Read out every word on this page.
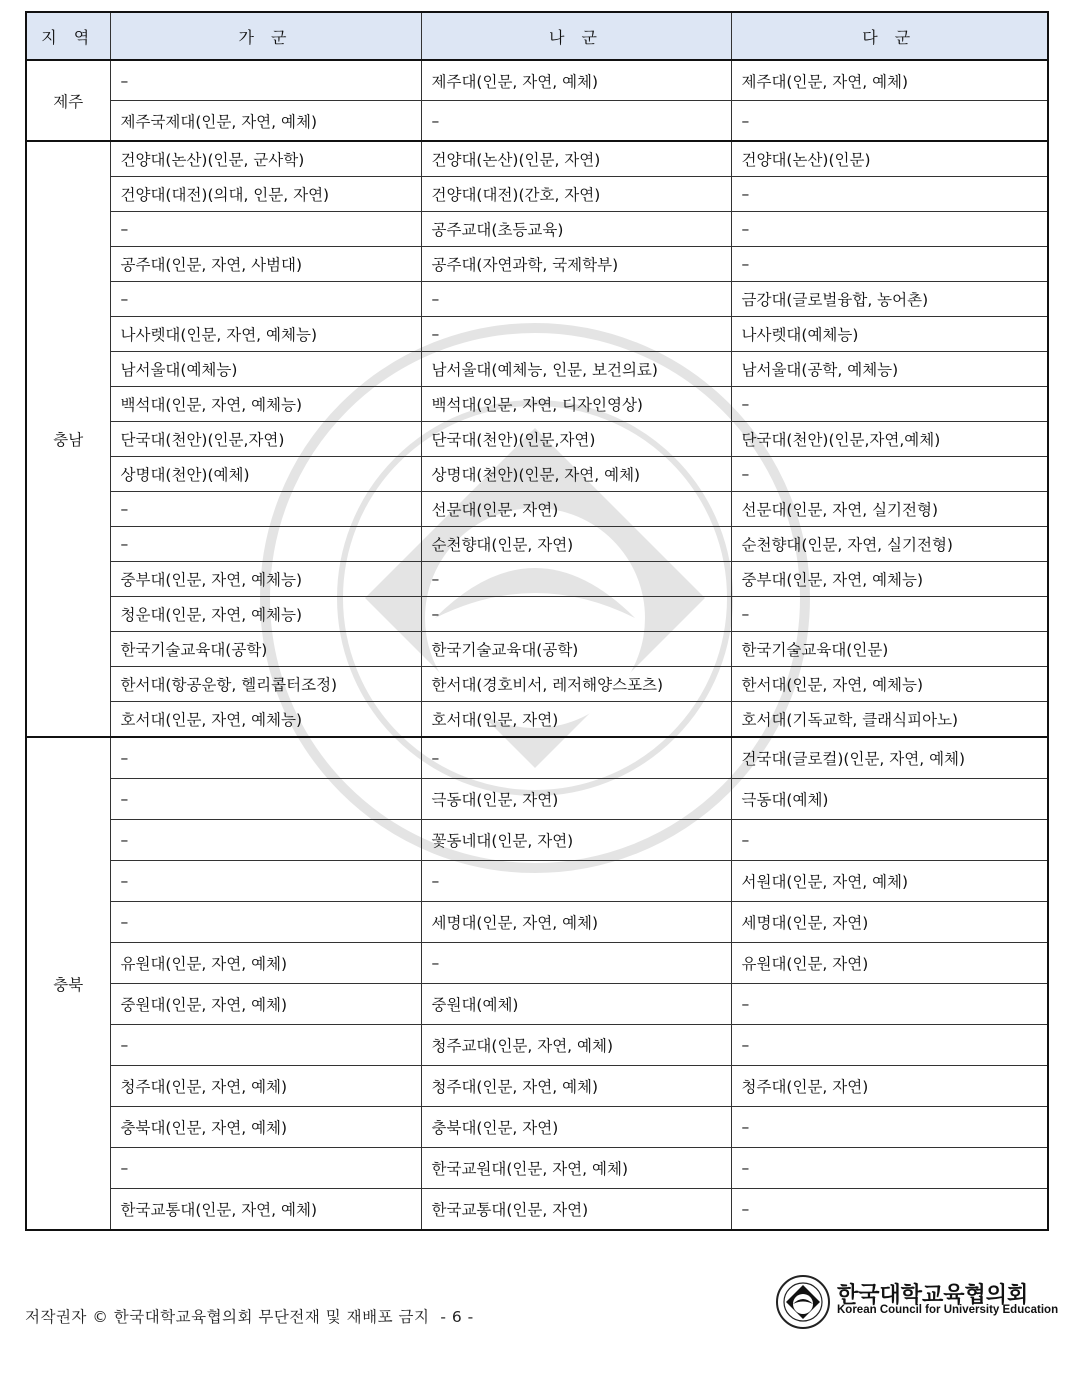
지 역	가 군	나 군	다 군
제주	–	제주대(인문, 자연, 예체)	제주대(인문, 자연, 예체)
	제주국제대(인문, 자연, 예체)	–	–
충남	건양대(논산)(인문, 군사학)	건양대(논산)(인문, 자연)	건양대(논산)(인문)
	건양대(대전)(의대, 인문, 자연)	건양대(대전)(간호, 자연)	–
	–	공주교대(초등교육)	–
	공주대(인문, 자연, 사범대)	공주대(자연과학, 국제학부)	–
	–	–	금강대(글로벌융합, 농어촌)
	나사렛대(인문, 자연, 예체능)	–	나사렛대(예체능)
	남서울대(예체능)	남서울대(예체능, 인문, 보건의료)	남서울대(공학, 예체능)
	백석대(인문, 자연, 예체능)	백석대(인문, 자연, 디자인영상)	–
	단국대(천안)(인문,자연)	단국대(천안)(인문,자연)	단국대(천안)(인문,자연,예체)
	상명대(천안)(예체)	상명대(천안)(인문, 자연, 예체)	–
	–	선문대(인문, 자연)	선문대(인문, 자연, 실기전형)
	–	순천향대(인문, 자연)	순천향대(인문, 자연, 실기전형)
	중부대(인문, 자연, 예체능)	–	중부대(인문, 자연, 예체능)
	청운대(인문, 자연, 예체능)	–	–
	한국기술교육대(공학)	한국기술교육대(공학)	한국기술교육대(인문)
	한서대(항공운항, 헬리콥터조정)	한서대(경호비서, 레저해양스포츠)	한서대(인문, 자연, 예체능)
	호서대(인문, 자연, 예체능)	호서대(인문, 자연)	호서대(기독교학, 클래식피아노)
충북	–	–	건국대(글로컬)(인문, 자연, 예체)
	–	극동대(인문, 자연)	극동대(예체)
	–	꽃동네대(인문, 자연)	–
	–	–	서원대(인문, 자연, 예체)
	–	세명대(인문, 자연, 예체)	세명대(인문, 자연)
	유원대(인문, 자연, 예체)	–	유원대(인문, 자연)
	중원대(인문, 자연, 예체)	중원대(예체)	–
	–	청주교대(인문, 자연, 예체)	–
	청주대(인문, 자연, 예체)	청주대(인문, 자연, 예체)	청주대(인문, 자연)
	충북대(인문, 자연, 예체)	충북대(인문, 자연)	–
	–	한국교원대(인문, 자연, 예체)	–
	한국교통대(인문, 자연, 예체)	한국교통대(인문, 자연)	–
저작권자 © 한국대학교육협의회 무단전재 및 재배포 금지 - 6 -
한국대학교육협의회
Korean Council for University Education
